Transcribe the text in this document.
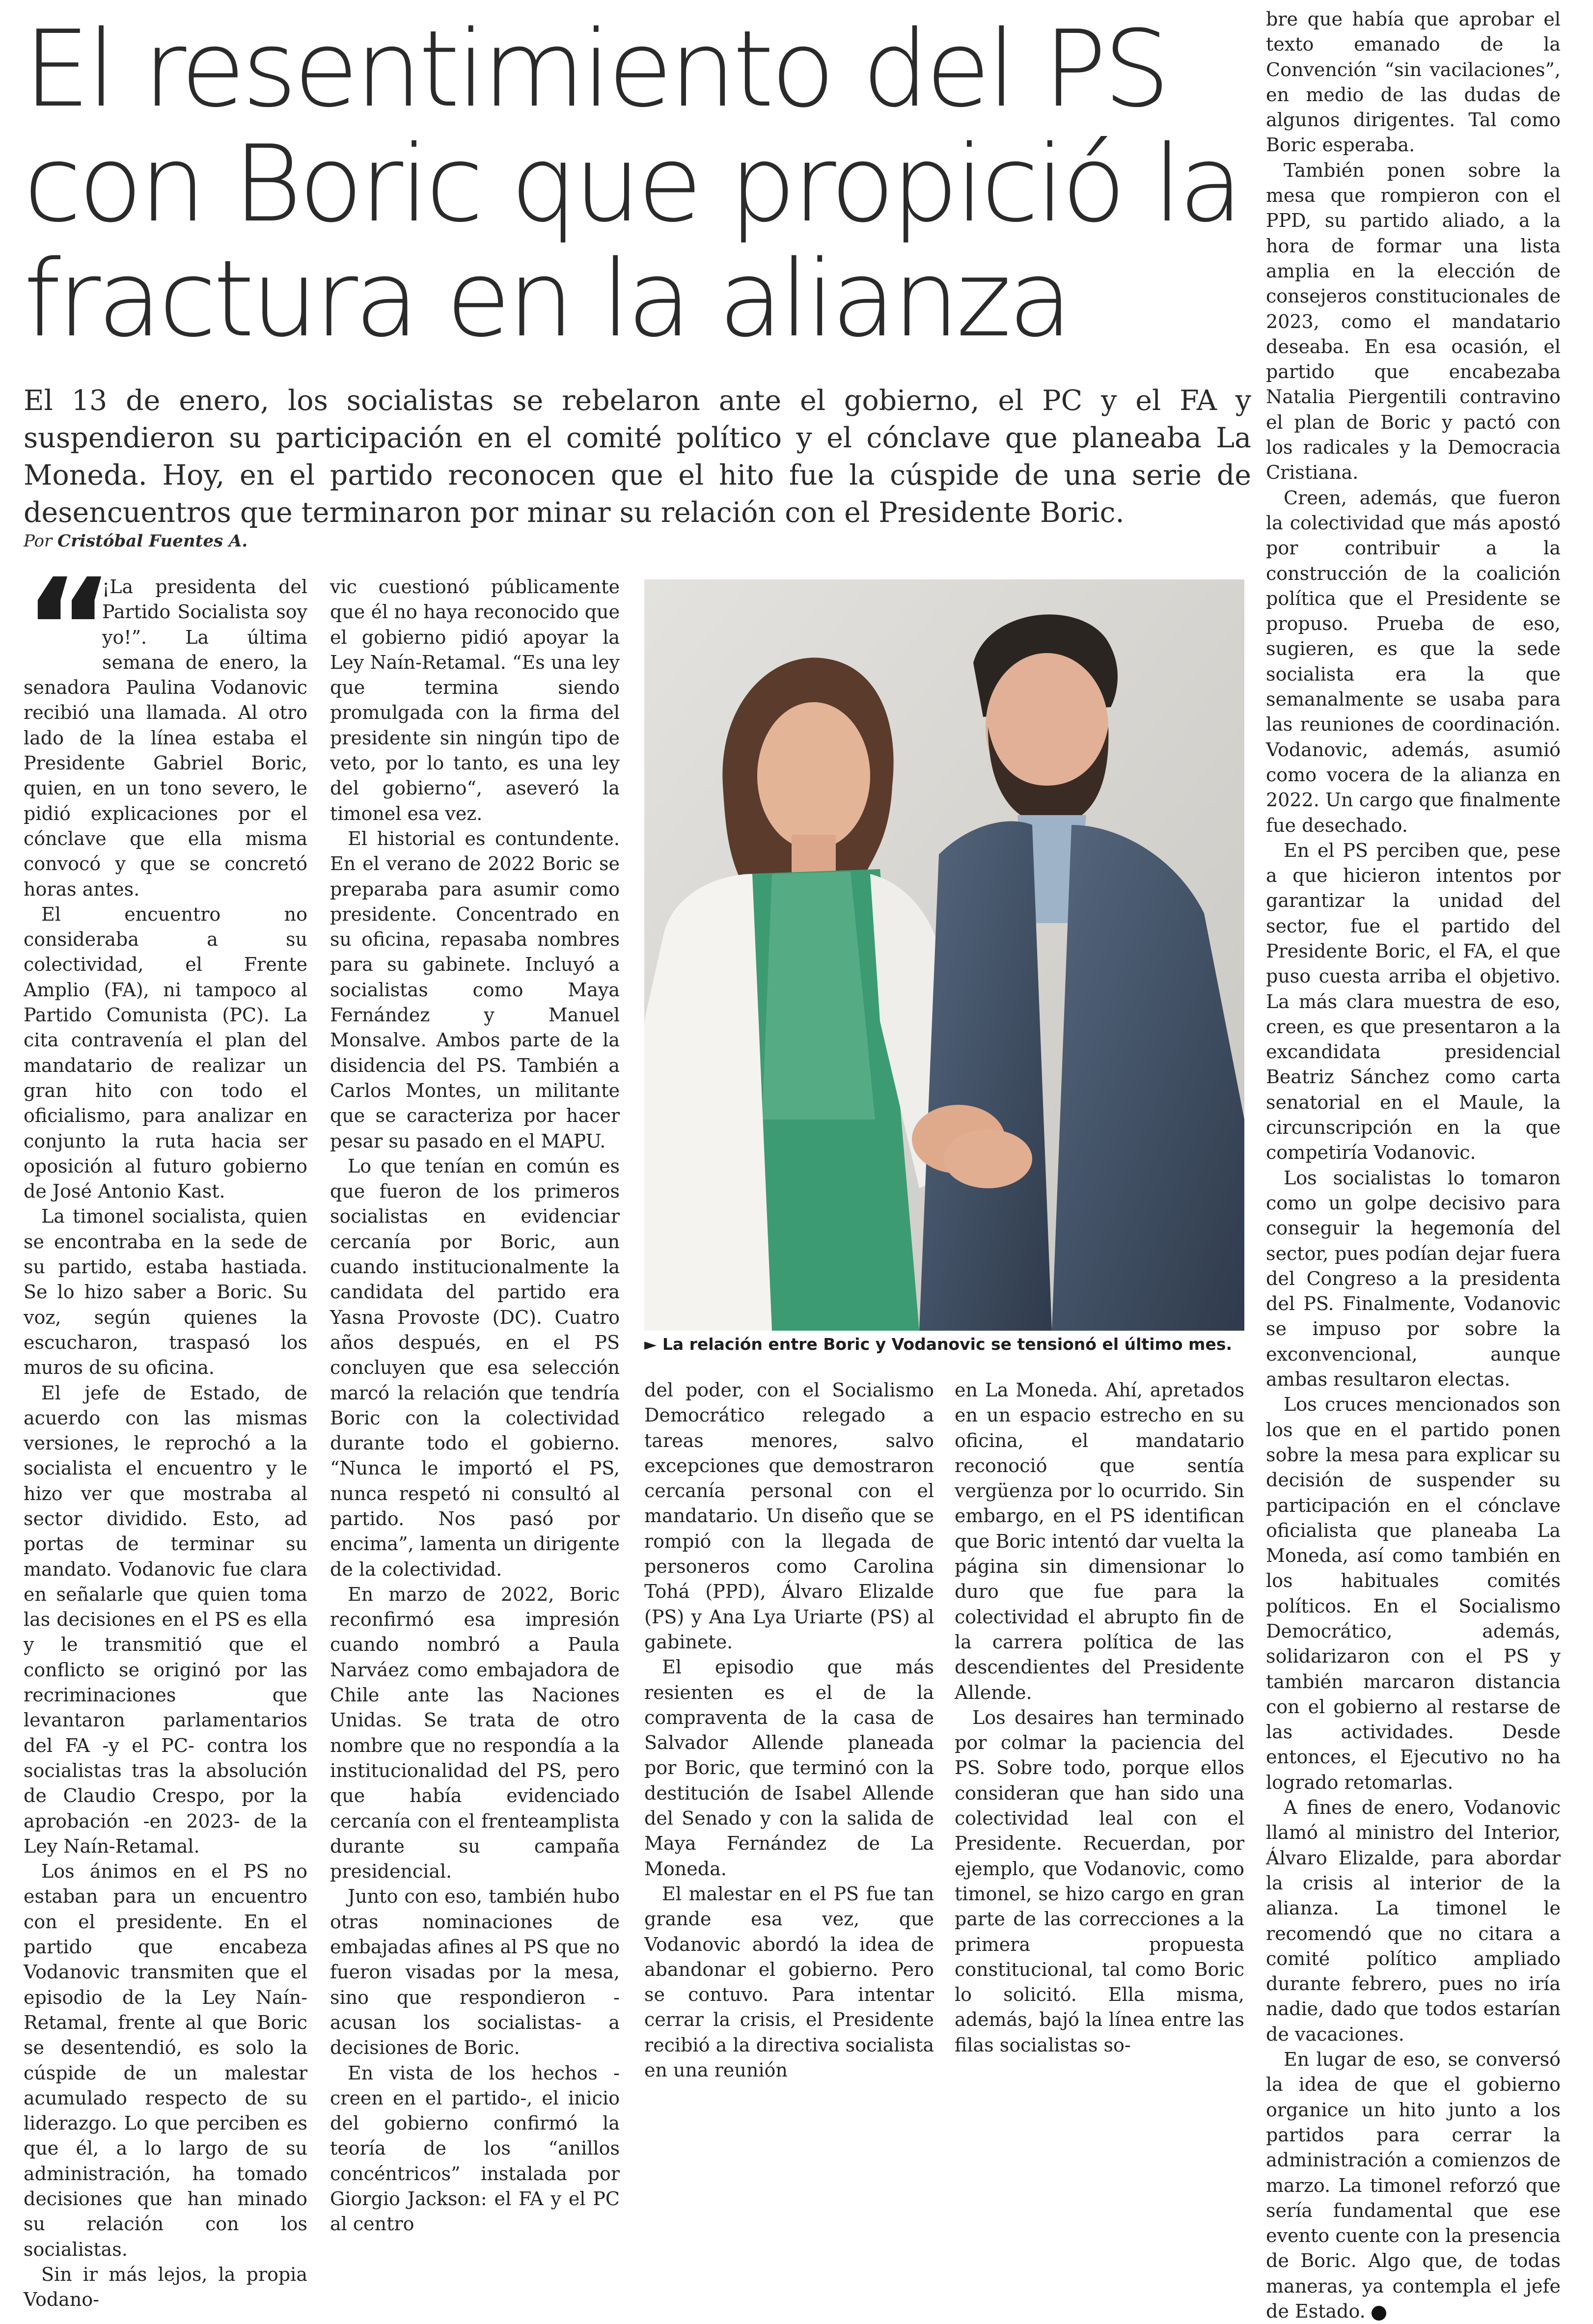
El resentimiento del PS
con Boric que propició la
fractura en la alianza

El 13 de enero, los socialistas se rebelaron ante el gobierno, el PC y el FA y suspendieron su participación en el comité político y el cónclave que planeaba La Moneda. Hoy, en el partido reconocen que el hito fue la cúspide de una serie de desencuentros que terminaron por minar su relación con el Presidente Boric.

Por Cristóbal Fuentes A.
“

¡La presidenta del Partido Socialista soy yo!”. La última semana de enero, la senadora Paulina Vodanovic recibió una llamada. Al otro lado de la línea estaba el Presidente Gabriel Boric, quien, en un tono severo, le pidió explicaciones por el cónclave que ella misma convocó y que se concretó horas antes.

El encuentro no consideraba a su colectividad, el Frente Amplio (FA), ni tampoco al Partido Comunista (PC). La cita contravenía el plan del mandatario de realizar un gran hito con todo el oficialismo, para analizar en conjunto la ruta hacia ser oposición al futuro gobierno de José Antonio Kast.

La timonel socialista, quien se encontraba en la sede de su partido, estaba hastiada. Se lo hizo saber a Boric. Su voz, según quienes la escucharon, traspasó los muros de su oficina.

El jefe de Estado, de acuerdo con las mismas versiones, le reprochó a la socialista el encuentro y le hizo ver que mostraba al sector dividido. Esto, ad portas de terminar su mandato. Vodanovic fue clara en señalarle que quien toma las decisiones en el PS es ella y le transmitió que el conflicto se originó por las recriminaciones que levantaron parlamentarios del FA -y el PC- contra los socialistas tras la absolución de Claudio Crespo, por la aprobación -en 2023- de la Ley Naín-Retamal.

Los ánimos en el PS no estaban para un encuentro con el presidente. En el partido que encabeza Vodanovic transmiten que el episodio de la Ley Naín-Retamal, frente al que Boric se desentendió, es solo la cúspide de un malestar acumulado respecto de su liderazgo. Lo que perciben es que él, a lo largo de su administración, ha tomado decisiones que han minado su relación con los socialistas.

Sin ir más lejos, la propia Vodano-

vic cuestionó públicamente que él no haya reconocido que el gobierno pidió apoyar la Ley Naín-Retamal. “Es una ley que termina siendo promulgada con la firma del presidente sin ningún tipo de veto, por lo tanto, es una ley del gobierno“, aseveró la timonel esa vez.

El historial es contundente. En el verano de 2022 Boric se preparaba para asumir como presidente. Concentrado en su oficina, repasaba nombres para su gabinete. Incluyó a socialistas como Maya Fernández y Manuel Monsalve. Ambos parte de la disidencia del PS. También a Carlos Montes, un militante que se caracteriza por hacer pesar su pasado en el MAPU.

Lo que tenían en común es que fueron de los primeros socialistas en evidenciar cercanía por Boric, aun cuando institucionalmente la candidata del partido era Yasna Provoste (DC). Cuatro años después, en el PS concluyen que esa selección marcó la relación que tendría Boric con la colectividad durante todo el gobierno. “Nunca le importó el PS, nunca respetó ni consultó al partido. Nos pasó por encima”, lamenta un dirigente de la colectividad.

En marzo de 2022, Boric reconfirmó esa impresión cuando nombró a Paula Narváez como embajadora de Chile ante las Naciones Unidas. Se trata de otro nombre que no respondía a la institucionalidad del PS, pero que había evidenciado cercanía con el frenteamplista durante su campaña presidencial.

Junto con eso, también hubo otras nominaciones de embajadas afines al PS que no fueron visadas por la mesa, sino que respondieron -acusan los socialistas- a decisiones de Boric.

En vista de los hechos -creen en el partido-, el inicio del gobierno confirmó la teoría de los “anillos concéntricos” instalada por Giorgio Jackson: el FA y el PC al centro

► La relación entre Boric y Vodanovic se tensionó el último mes.

del poder, con el Socialismo Democrático relegado a tareas menores, salvo excepciones que demostraron cercanía personal con el mandatario. Un diseño que se rompió con la llegada de personeros como Carolina Tohá (PPD), Álvaro Elizalde (PS) y Ana Lya Uriarte (PS) al gabinete.

El episodio que más resienten es el de la compraventa de la casa de Salvador Allende planeada por Boric, que terminó con la destitución de Isabel Allende del Senado y con la salida de Maya Fernández de La Moneda.

El malestar en el PS fue tan grande esa vez, que Vodanovic abordó la idea de abandonar el gobierno. Pero se contuvo. Para intentar cerrar la crisis, el Presidente recibió a la directiva socialista en una reunión

en La Moneda. Ahí, apretados en un espacio estrecho en su oficina, el mandatario reconoció que sentía vergüenza por lo ocurrido. Sin embargo, en el PS identifican que Boric intentó dar vuelta la página sin dimensionar lo duro que fue para la colectividad el abrupto fin de la carrera política de las descendientes del Presidente Allende.

Los desaires han terminado por colmar la paciencia del PS. Sobre todo, porque ellos consideran que han sido una colectividad leal con el Presidente. Recuerdan, por ejemplo, que Vodanovic, como timonel, se hizo cargo en gran parte de las correcciones a la primera propuesta constitucional, tal como Boric lo solicitó. Ella misma, además, bajó la línea entre las filas socialistas so-

bre que había que aprobar el texto emanado de la Convención “sin vacilaciones”, en medio de las dudas de algunos dirigentes. Tal como Boric esperaba.

También ponen sobre la mesa que rompieron con el PPD, su partido aliado, a la hora de formar una lista amplia en la elección de consejeros constitucionales de 2023, como el mandatario deseaba. En esa ocasión, el partido que encabezaba Natalia Piergentili contravino el plan de Boric y pactó con los radicales y la Democracia Cristiana.

Creen, además, que fueron la colectividad que más apostó por contribuir a la construcción de la coalición política que el Presidente se propuso. Prueba de eso, sugieren, es que la sede socialista era la que semanalmente se usaba para las reuniones de coordinación. Vodanovic, además, asumió como vocera de la alianza en 2022. Un cargo que finalmente fue desechado.

En el PS perciben que, pese a que hicieron intentos por garantizar la unidad del sector, fue el partido del Presidente Boric, el FA, el que puso cuesta arriba el objetivo. La más clara muestra de eso, creen, es que presentaron a la excandidata presidencial Beatriz Sánchez como carta senatorial en el Maule, la circunscripción en la que competiría Vodanovic.

Los socialistas lo tomaron como un golpe decisivo para conseguir la hegemonía del sector, pues podían dejar fuera del Congreso a la presidenta del PS. Finalmente, Vodanovic se impuso por sobre la exconvencional, aunque ambas resultaron electas.

Los cruces mencionados son los que en el partido ponen sobre la mesa para explicar su decisión de suspender su participación en el cónclave oficialista que planeaba La Moneda, así como también en los habituales comités políticos. En el Socialismo Democrático, además, solidarizaron con el PS y también marcaron distancia con el gobierno al restarse de las actividades. Desde entonces, el Ejecutivo no ha logrado retomarlas.

A fines de enero, Vodanovic llamó al ministro del Interior, Álvaro Elizalde, para abordar la crisis al interior de la alianza. La timonel le recomendó que no citara a comité político ampliado durante febrero, pues no iría nadie, dado que todos estarían de vacaciones.

En lugar de eso, se conversó la idea de que el gobierno organice un hito junto a los partidos para cerrar la administración a comienzos de marzo. La timonel reforzó que sería fundamental que ese evento cuente con la presencia de Boric. Algo que, de todas maneras, ya contempla el jefe de Estado.
